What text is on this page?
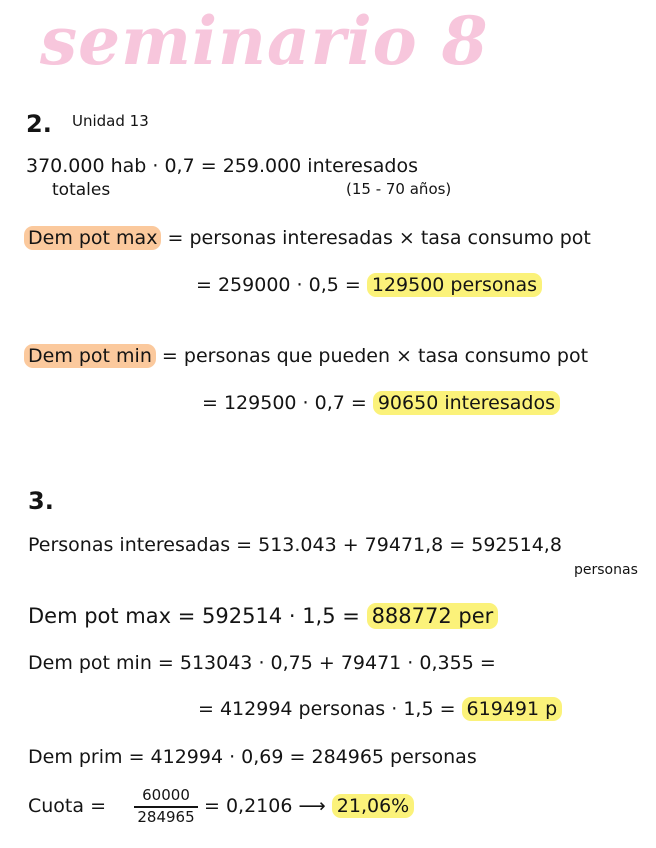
seminario 8
2. Unidad 13
370.000 hab · 0,7 = 259.000 interesados
totales	(15 - 70 años)
Dem pot max = personas interesadas × tasa consumo pot
= 259000 · 0,5 = 129500 personas
Dem pot min = personas que pueden × tasa consumo pot
= 129500 · 0,7 = 90650 interesados
3.
Personas interesadas = 513.043 + 79471,8 = 592514,8
personas
Dem pot max = 592514 · 1,5 = 888772 per
Dem pot min = 513043 · 0,75 + 79471 · 0,355 =
= 412994 personas · 1,5 = 619491 p
Dem prim = 412994 · 0,69 = 284965 personas
Cuota =	60000
284965 = 0,2106 ⟶ 21,06%
